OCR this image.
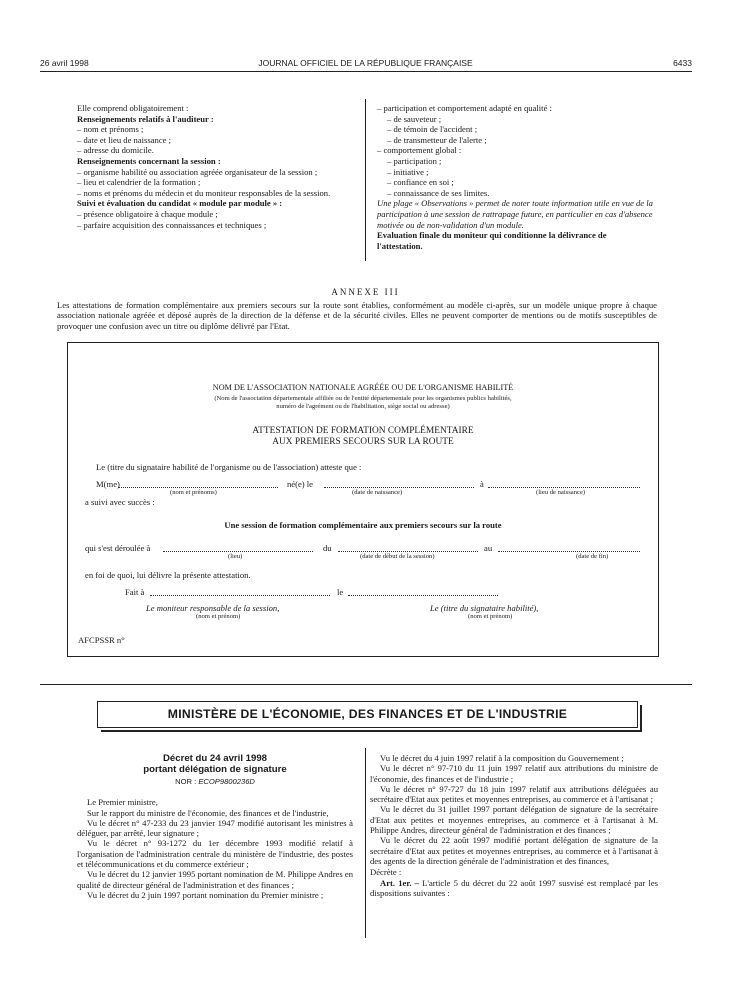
26 avril 1998	JOURNAL OFFICIEL DE LA RÉPUBLIQUE FRANÇAISE	6433

Elle comprend obligatoirement :

Renseignements relatifs à l'auditeur :

– nom et prénoms ;

– date et lieu de naissance ;

– adresse du domicile.

Renseignements concernant la session :

– organisme habilité ou association agréée organisateur de la session ;

– lieu et calendrier de la formation ;

– noms et prénoms du médecin et du moniteur responsables de la session.

Suivi et évaluation du candidat « module par module » :

– présence obligatoire à chaque module ;

– parfaire acquisition des connaissances et techniques ;

– participation et comportement adapté en qualité :

– de sauveteur ;

– de témoin de l'accident ;

– de transmetteur de l'alerte ;

– comportement global :

– participation ;

– initiative ;

– confiance en soi ;

– connaissance de ses limites.

Une plage « Observations » permet de noter toute information utile en vue de la participation à une session de rattrapage future, en particulier en cas d'absence motivée ou de non-validation d'un module.

Evaluation finale du moniteur qui conditionne la délivrance de l'attestation.

ANNEXE III
Les attestations de formation complémentaire aux premiers secours sur la route sont établies, conformément au modèle ci-après, sur un modèle unique propre à chaque association nationale agréée et déposé auprès de la direction de la défense et de la sécurité civiles. Elles ne peuvent comporter de mentions ou de motifs susceptibles de provoquer une confusion avec un titre ou diplôme délivré par l'Etat.
NOM DE L'ASSOCIATION NATIONALE AGRÉÉE OU DE L'ORGANISME HABILITÉ
(Nom de l'association départementale affiliée ou de l'entité départementale pour les organismes publics habilités,
numéro de l'agrément ou de l'habilitation, siège social ou adresse)
ATTESTATION DE FORMATION COMPLÉMENTAIRE
AUX PREMIERS SECOURS SUR LA ROUTE
Le (titre du signataire habilité de l'organisme ou de l'association) atteste que :
M(me)	né(e) le	à
(nom et prénoms)	(date de naissance)	(lieu de naissance)
a suivi avec succès :
Une session de formation complémentaire aux premiers secours sur la route
qui s'est déroulée à	du	au
(lieu)	(date de début de la session)	(date de fin)
en foi de quoi, lui délivre la présente attestation.
Fait à	le
Le moniteur responsable de la session,
(nom et prénom)
Le (titre du signataire habilité),
(nom et prénom)
AFCPSSR n°
MINISTÈRE DE L'ÉCONOMIE, DES FINANCES ET DE L'INDUSTRIE
Décret du 24 avril 1998
portant délégation de signature
NOR : ECOP9800236D

Le Premier ministre,

Sur le rapport du ministre de l'économie, des finances et de l'industrie,

Vu le décret n° 47-233 du 23 janvier 1947 modifié autorisant les ministres à déléguer, par arrêté, leur signature ;

Vu le décret n° 93-1272 du 1er décembre 1993 modifié relatif à l'organisation de l'administration centrale du ministère de l'industrie, des postes et télécommunications et du commerce extérieur ;

Vu le décret du 12 janvier 1995 portant nomination de M. Philippe Andres en qualité de directeur général de l'administration et des finances ;

Vu le décret du 2 juin 1997 portant nomination du Premier ministre ;

Vu le décret du 4 juin 1997 relatif à la composition du Gouvernement ;

Vu le décret n° 97-710 du 11 juin 1997 relatif aux attributions du ministre de l'économie, des finances et de l'industrie ;

Vu le décret n° 97-727 du 18 juin 1997 relatif aux attributions déléguées au secrétaire d'Etat aux petites et moyennes entreprises, au commerce et à l'artisanat ;

Vu le décret du 31 juillet 1997 portant délégation de signature de la secrétaire d'Etat aux petites et moyennes entreprises, au commerce et à l'artisanat à M. Philippe Andres, directeur général de l'administration et des finances ;

Vu le décret du 22 août 1997 modifié portant délégation de signature de la secrétaire d'Etat aux petites et moyennes entreprises, au commerce et à l'artisanat à des agents de la direction générale de l'administration et des finances,

Décrète :

Art. 1er. – L'article 5 du décret du 22 août 1997 susvisé est remplacé par les dispositions suivantes :
